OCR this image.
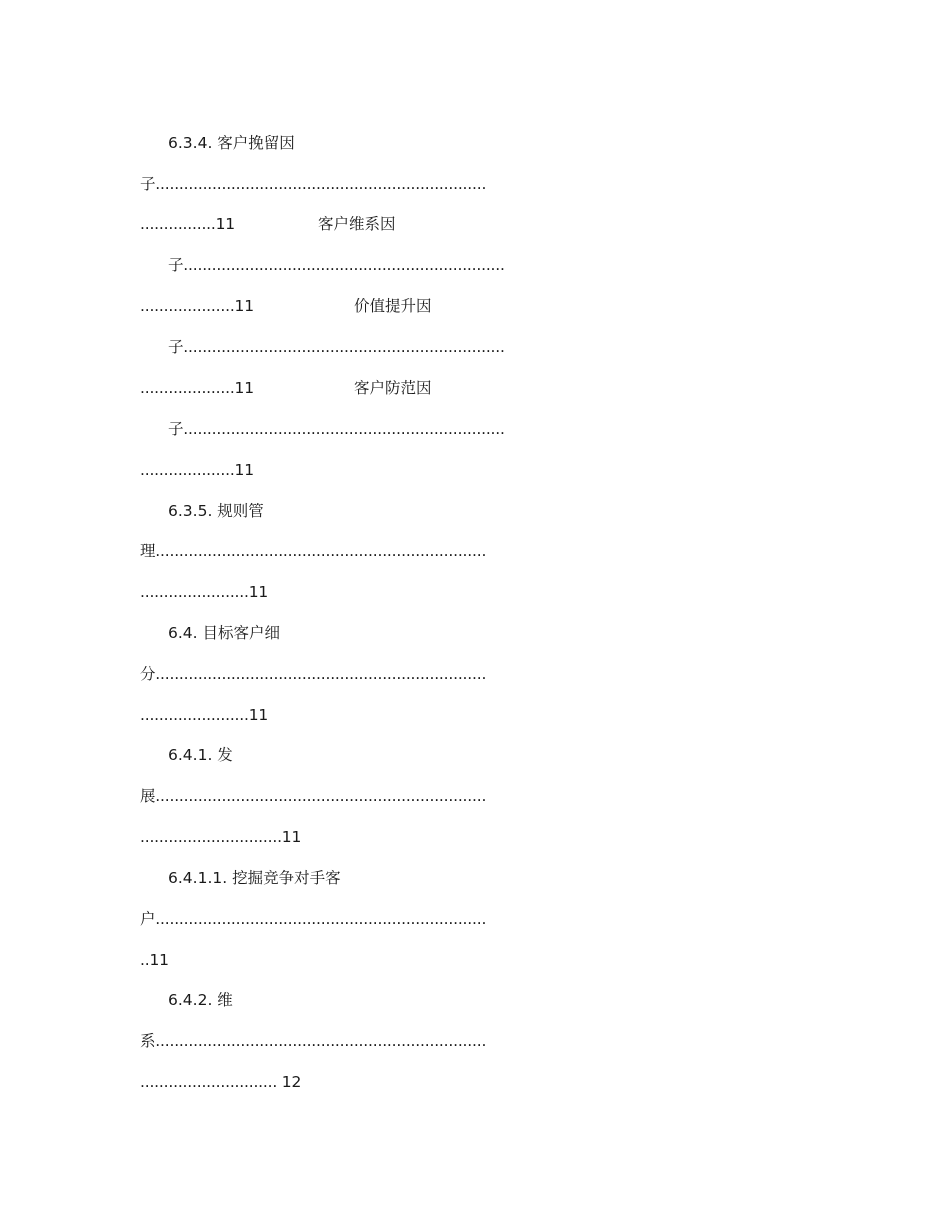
6.3.4. 客户挽留因
子......................................................................
................11	客户维系因
子....................................................................
....................11	价值提升因
子....................................................................
....................11	客户防范因
子....................................................................
....................11
6.3.5. 规则管
理......................................................................
.......................11
6.4. 目标客户细
分......................................................................
.......................11
6.4.1. 发
展......................................................................
..............................11
6.4.1.1. 挖掘竞争对手客
户......................................................................
..11
6.4.2. 维
系......................................................................
............................. 12
